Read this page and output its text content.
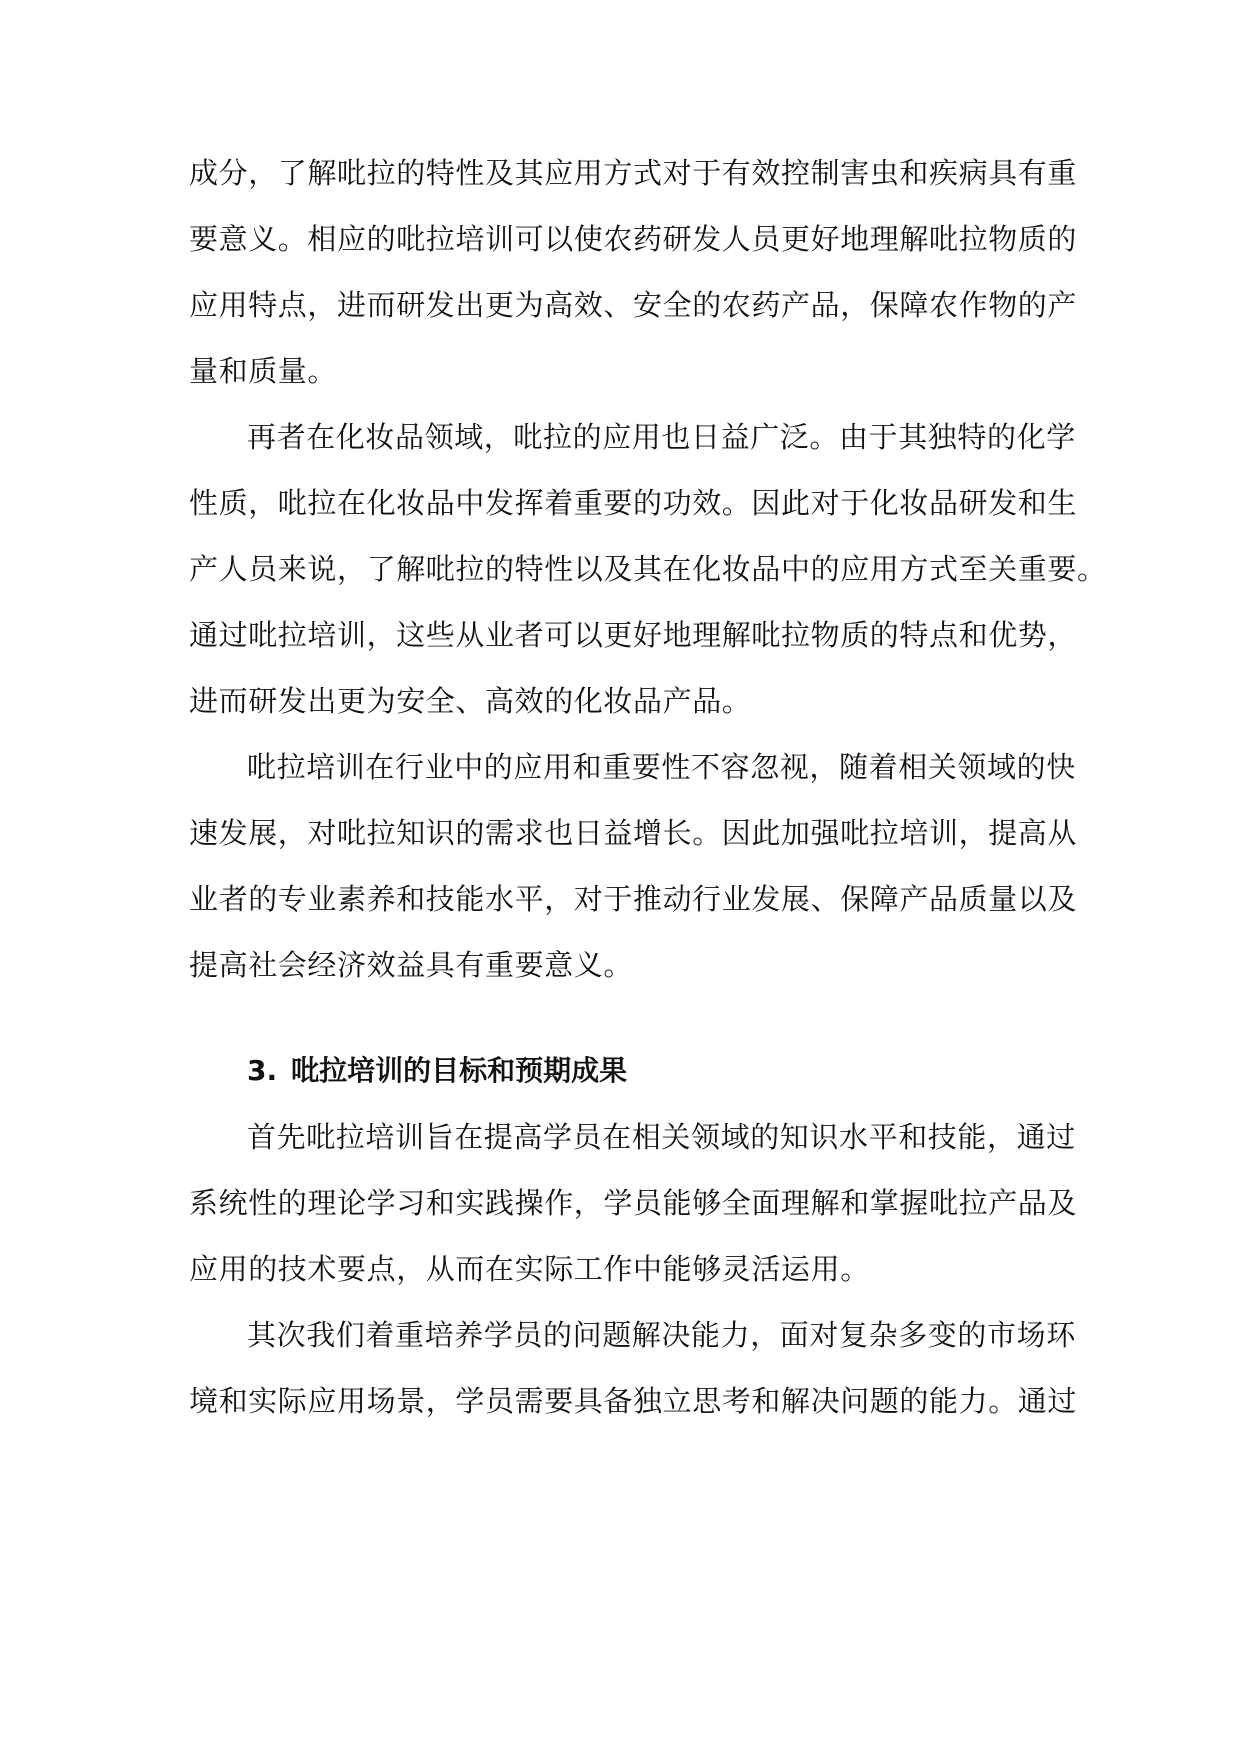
成分，了解吡拉的特性及其应用方式对于有效控制害虫和疾病具有重
要意义。相应的吡拉培训可以使农药研发人员更好地理解吡拉物质的
应用特点，进而研发出更为高效、安全的农药产品，保障农作物的产
量和质量。
再者在化妆品领域，吡拉的应用也日益广泛。由于其独特的化学
性质，吡拉在化妆品中发挥着重要的功效。因此对于化妆品研发和生
产人员来说，了解吡拉的特性以及其在化妆品中的应用方式至关重要。
通过吡拉培训，这些从业者可以更好地理解吡拉物质的特点和优势，
进而研发出更为安全、高效的化妆品产品。
吡拉培训在行业中的应用和重要性不容忽视，随着相关领域的快
速发展，对吡拉知识的需求也日益增长。因此加强吡拉培训，提高从
业者的专业素养和技能水平，对于推动行业发展、保障产品质量以及
提高社会经济效益具有重要意义。
3. 吡拉培训的目标和预期成果
首先吡拉培训旨在提高学员在相关领域的知识水平和技能，通过
系统性的理论学习和实践操作，学员能够全面理解和掌握吡拉产品及
应用的技术要点，从而在实际工作中能够灵活运用。
其次我们着重培养学员的问题解决能力，面对复杂多变的市场环
境和实际应用场景，学员需要具备独立思考和解决问题的能力。通过
